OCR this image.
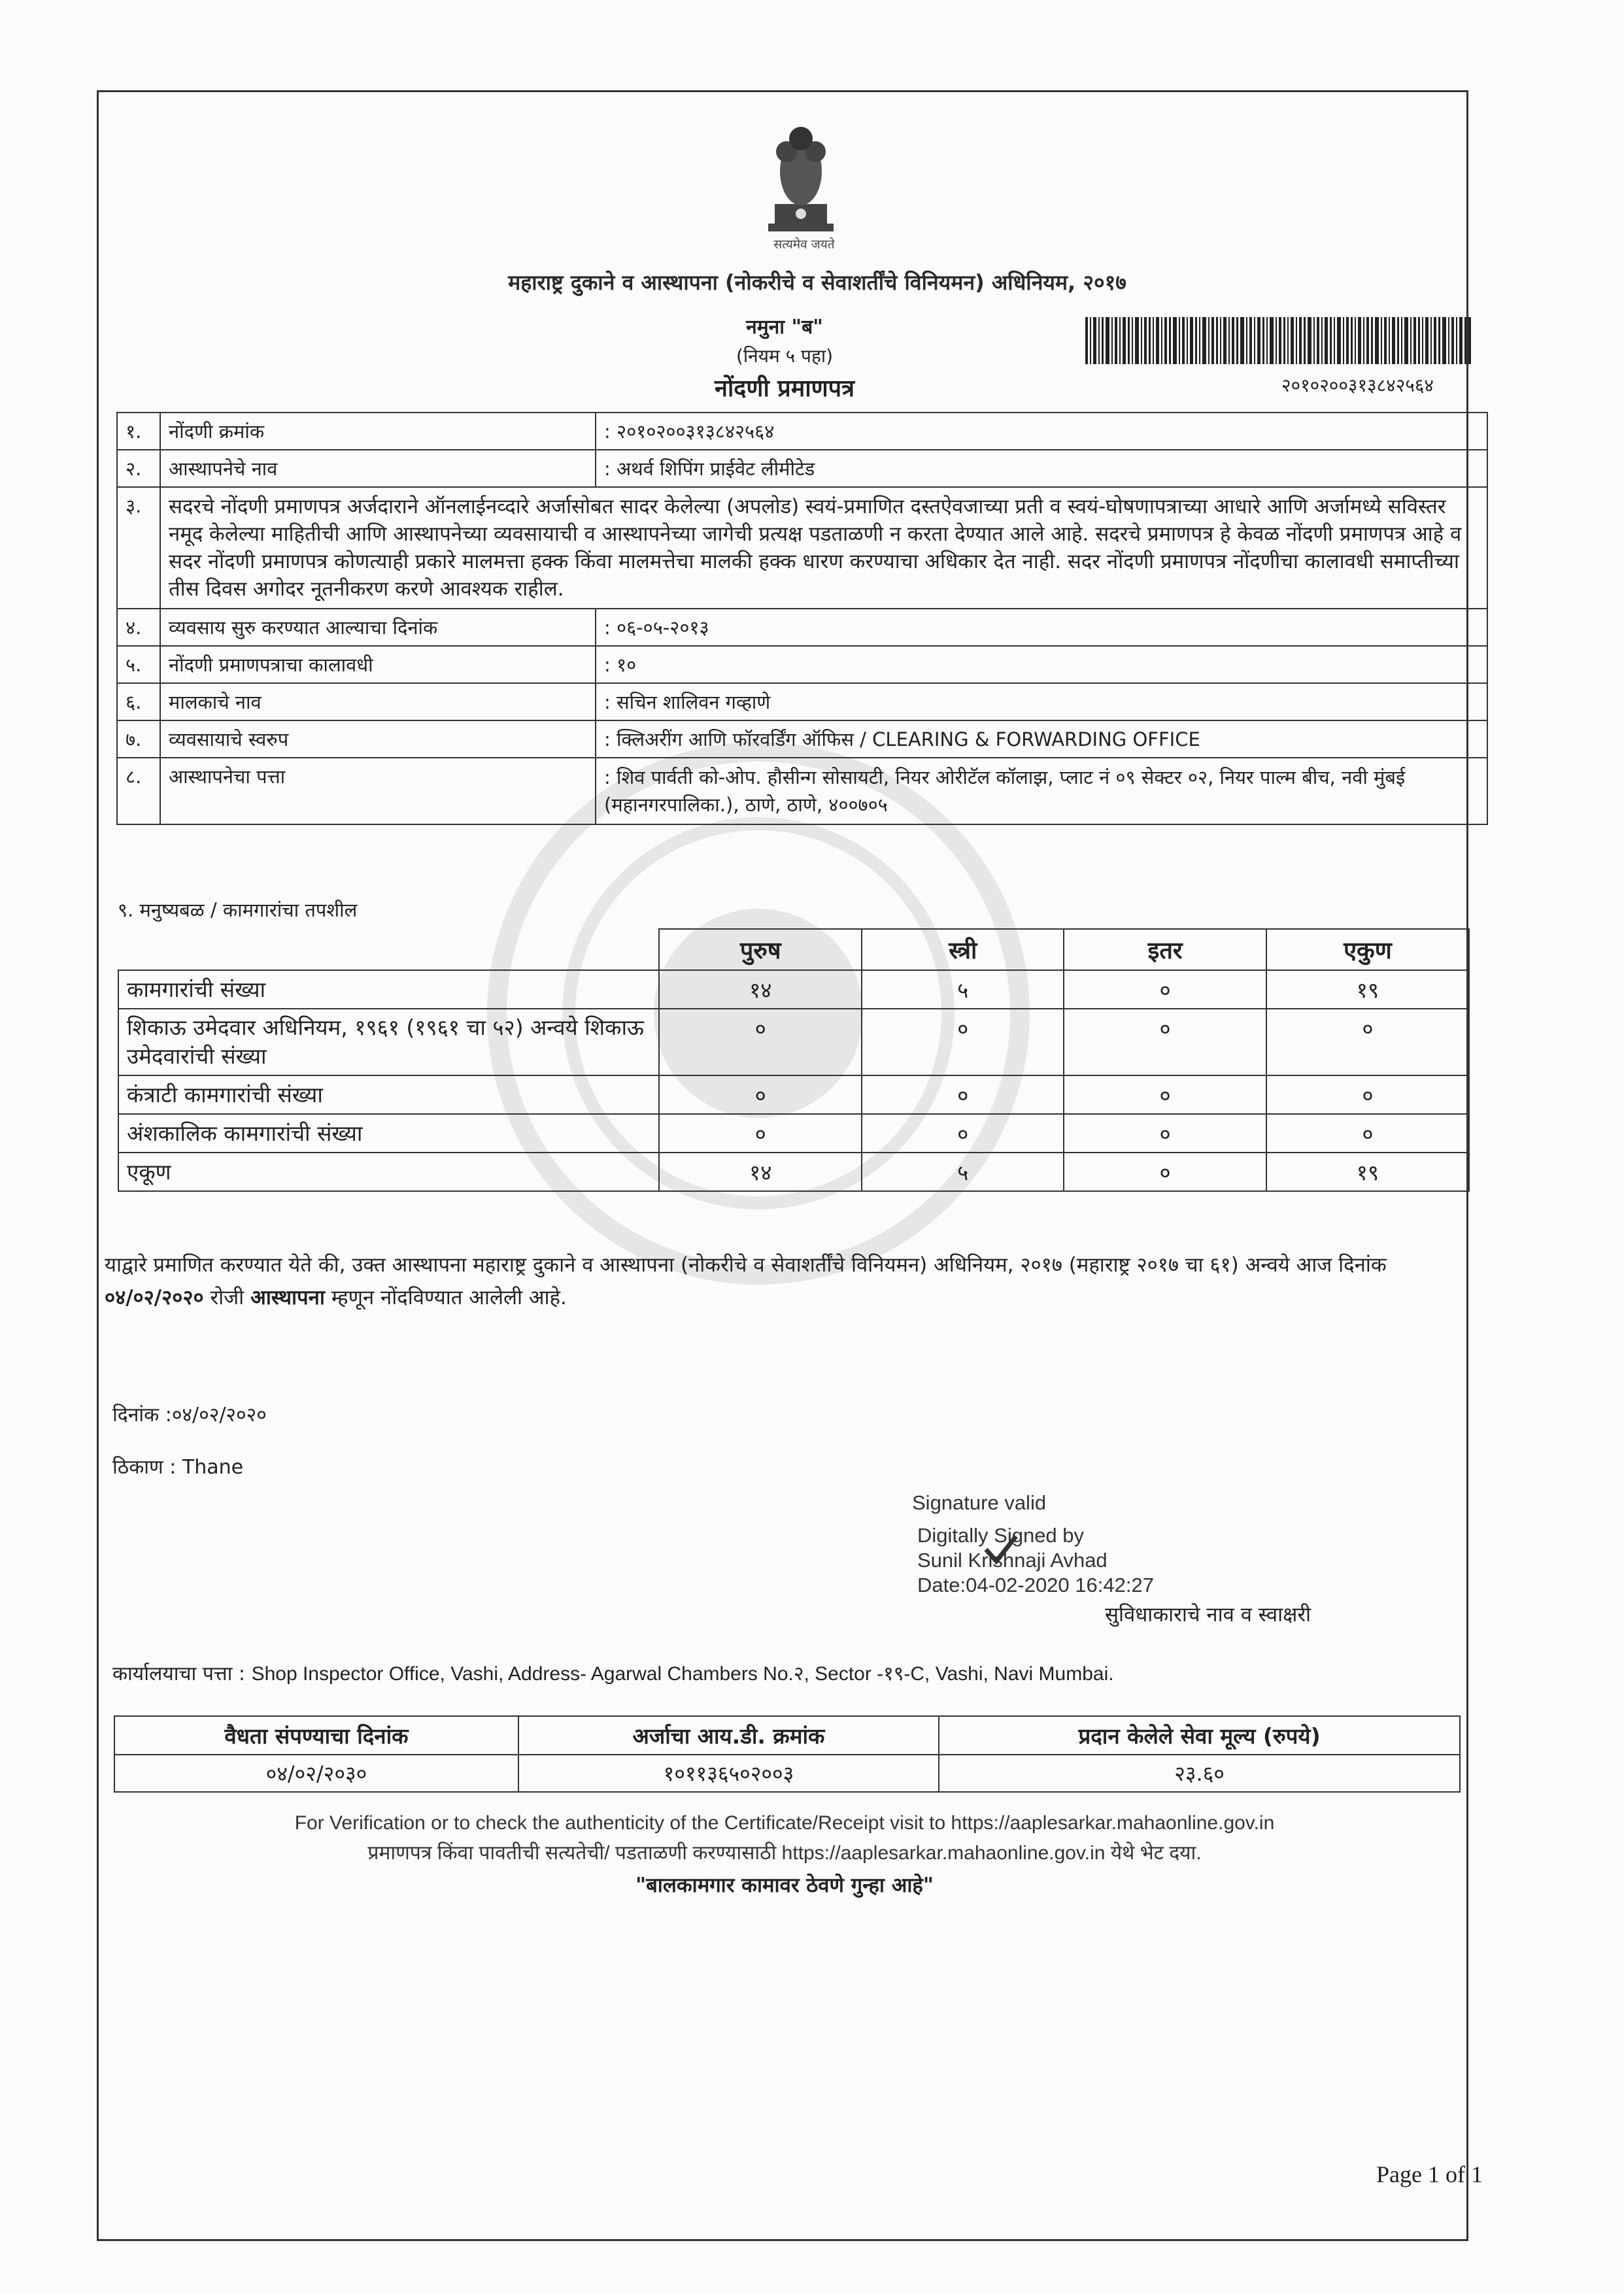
सत्यमेव जयते
महाराष्ट्र दुकाने व आस्थापना (नोकरीचे व सेवाशर्तींचे विनियमन) अधिनियम, २०१७
नमुना "ब"
(नियम ५ पहा)
नोंदणी प्रमाणपत्र	२०१०२००३१३८४२५६४
१.	नोंदणी क्रमांक	: २०१०२००३१३८४२५६४
२.	आस्थापनेचे नाव	: अथर्व शिपिंग प्राईवेट लीमीटेड
३.	सदरचे नोंदणी प्रमाणपत्र अर्जदाराने ऑनलाईनव्दारे अर्जासोबत सादर केलेल्या (अपलोड) स्वयं-प्रमाणित दस्तऐवजाच्या प्रती व स्वयं-घोषणापत्राच्या आधारे आणि अर्जामध्ये सविस्तर नमूद केलेल्या माहितीची आणि आस्थापनेच्या व्यवसायाची व आस्थापनेच्या जागेची प्रत्यक्ष पडताळणी न करता देण्यात आले आहे. सदरचे प्रमाणपत्र हे केवळ नोंदणी प्रमाणपत्र आहे व सदर नोंदणी प्रमाणपत्र कोणत्याही प्रकारे मालमत्ता हक्क किंवा मालमत्तेचा मालकी हक्क धारण करण्याचा अधिकार देत नाही. सदर नोंदणी प्रमाणपत्र नोंदणीचा कालावधी समाप्तीच्या तीस दिवस अगोदर नूतनीकरण करणे आवश्यक राहील.	
४.	व्यवसाय सुरु करण्यात आल्याचा दिनांक	: ०६-०५-२०१३
५.	नोंदणी प्रमाणपत्राचा कालावधी	: १०
६.	मालकाचे नाव	: सचिन शालिवन गव्हाणे
७.	व्यवसायाचे स्वरुप	: क्लिअरींग आणि फॉरवर्डिंग ऑफिस / CLEARING & FORWARDING OFFICE
८.	आस्थापनेचा पत्ता	: शिव पार्वती को-ओप. हौसीन्ग सोसायटी, नियर ओरीटॅल कॉलाझ, प्लाट नं ०९ सेक्टर ०२, नियर पाल्म बीच, नवी मुंबई (महानगरपालिका.), ठाणे, ठाणे, ४००७०५
९. मनुष्यबळ / कामगारांचा तपशील
	पुरुष	स्त्री	इतर	एकुण
कामगारांची संख्या	१४	५	०	१९
शिकाऊ उमेदवार अधिनियम, १९६१ (१९६१ चा ५२) अन्वये शिकाऊ उमेदवारांची संख्या	०	०	०	०
कंत्राटी कामगारांची संख्या	०	०	०	०
अंशकालिक कामगारांची संख्या	०	०	०	०
एकूण	१४	५	०	१९
याद्वारे प्रमाणित करण्यात येते की, उक्त आस्थापना महाराष्ट्र दुकाने व आस्थापना (नोकरीचे व सेवाशर्तींचे विनियमन) अधिनियम, २०१७ (महाराष्ट्र २०१७ चा ६१) अन्वये आज दिनांक ०४/०२/२०२० रोजी आस्थापना म्हणून नोंदविण्यात आलेली आहे.
दिनांक :०४/०२/२०२०
ठिकाण : Thane
Signature valid
Digitally Signed by
Sunil Krishnaji Avhad
Date:04-02-2020 16:42:27
सुविधाकाराचे नाव व स्वाक्षरी
कार्यालयाचा पत्ता : Shop Inspector Office, Vashi, Address- Agarwal Chambers No.२, Sector -१९-C, Vashi, Navi Mumbai.
वैधता संपण्याचा दिनांक	अर्जाचा आय.डी. क्रमांक	प्रदान केलेले सेवा मूल्य (रुपये)
०४/०२/२०३०	१०११३६५०२००३	२३.६०
For Verification or to check the authenticity of the Certificate/Receipt visit to https://aaplesarkar.mahaonline.gov.in
प्रमाणपत्र किंवा पावतीची सत्यतेची/ पडताळणी करण्यासाठी https://aaplesarkar.mahaonline.gov.in येथे भेट दया.
"बालकामगार कामावर ठेवणे गुन्हा आहे"
Page 1 of 1
